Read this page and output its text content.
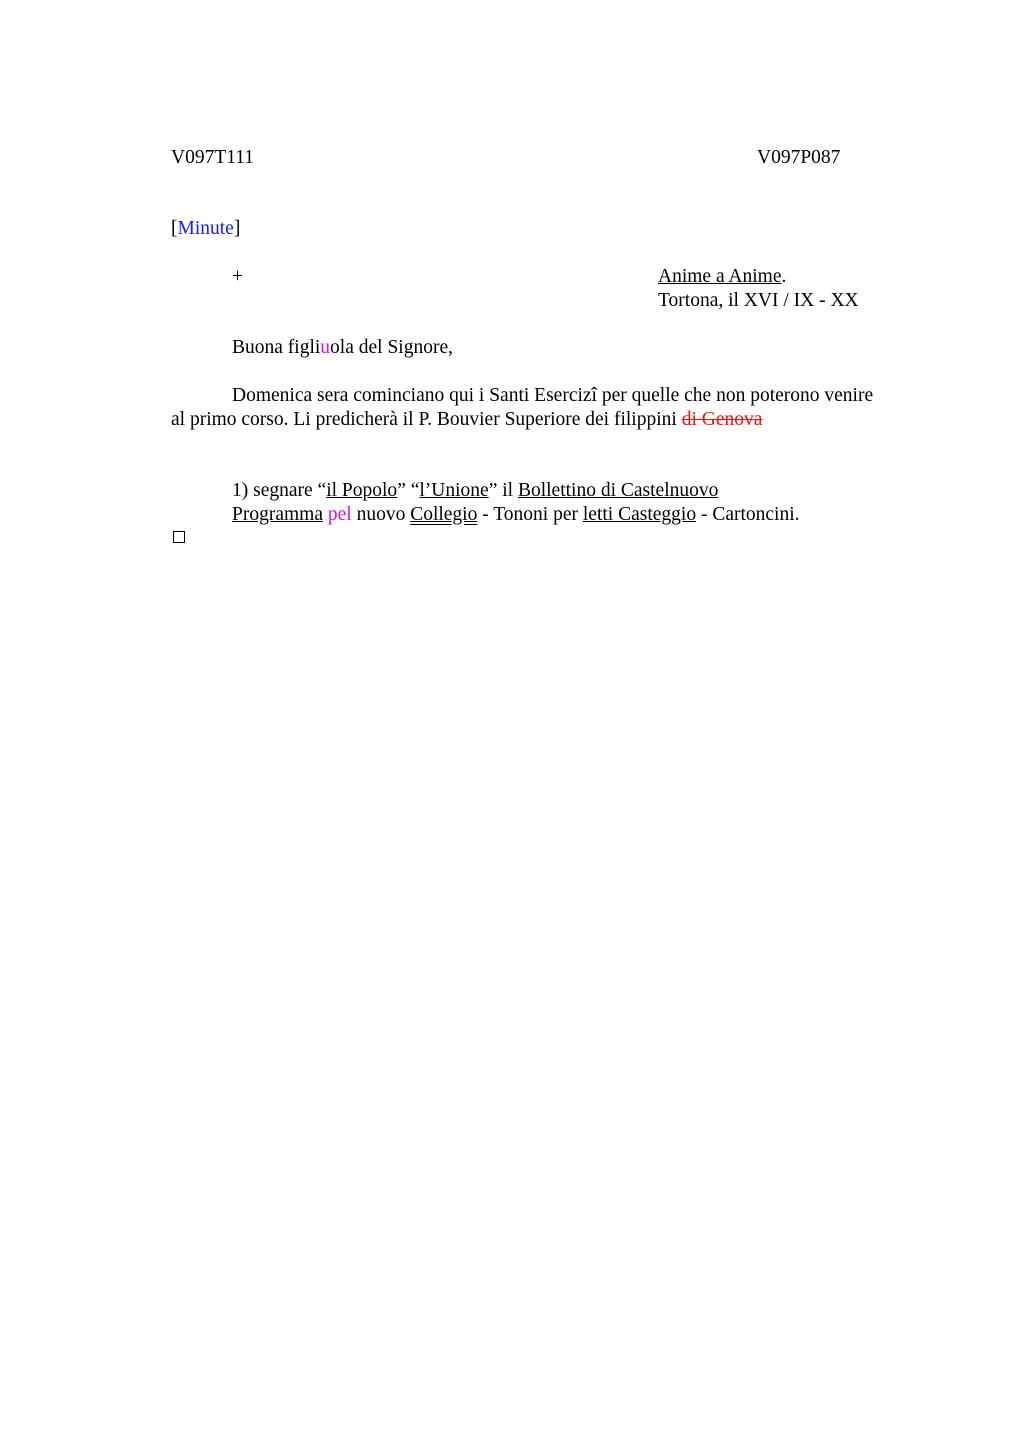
V097T111	V097P087
[Minute]
+	Anime a Anime.
Tortona, il XVI / IX - XX
Buona figliuola del Signore,
Domenica sera cominciano qui i Santi Esercizi per quelle che non poterono venire
al primo corso. Li predicherà il P. Bouvier Superiore dei filippini di Genova
1) segnare “il Popolo” “l’Unione” il Bollettino di Castelnuovo
Programma pel nuovo Collegio - Tononi per letti Casteggio - Cartoncini.
